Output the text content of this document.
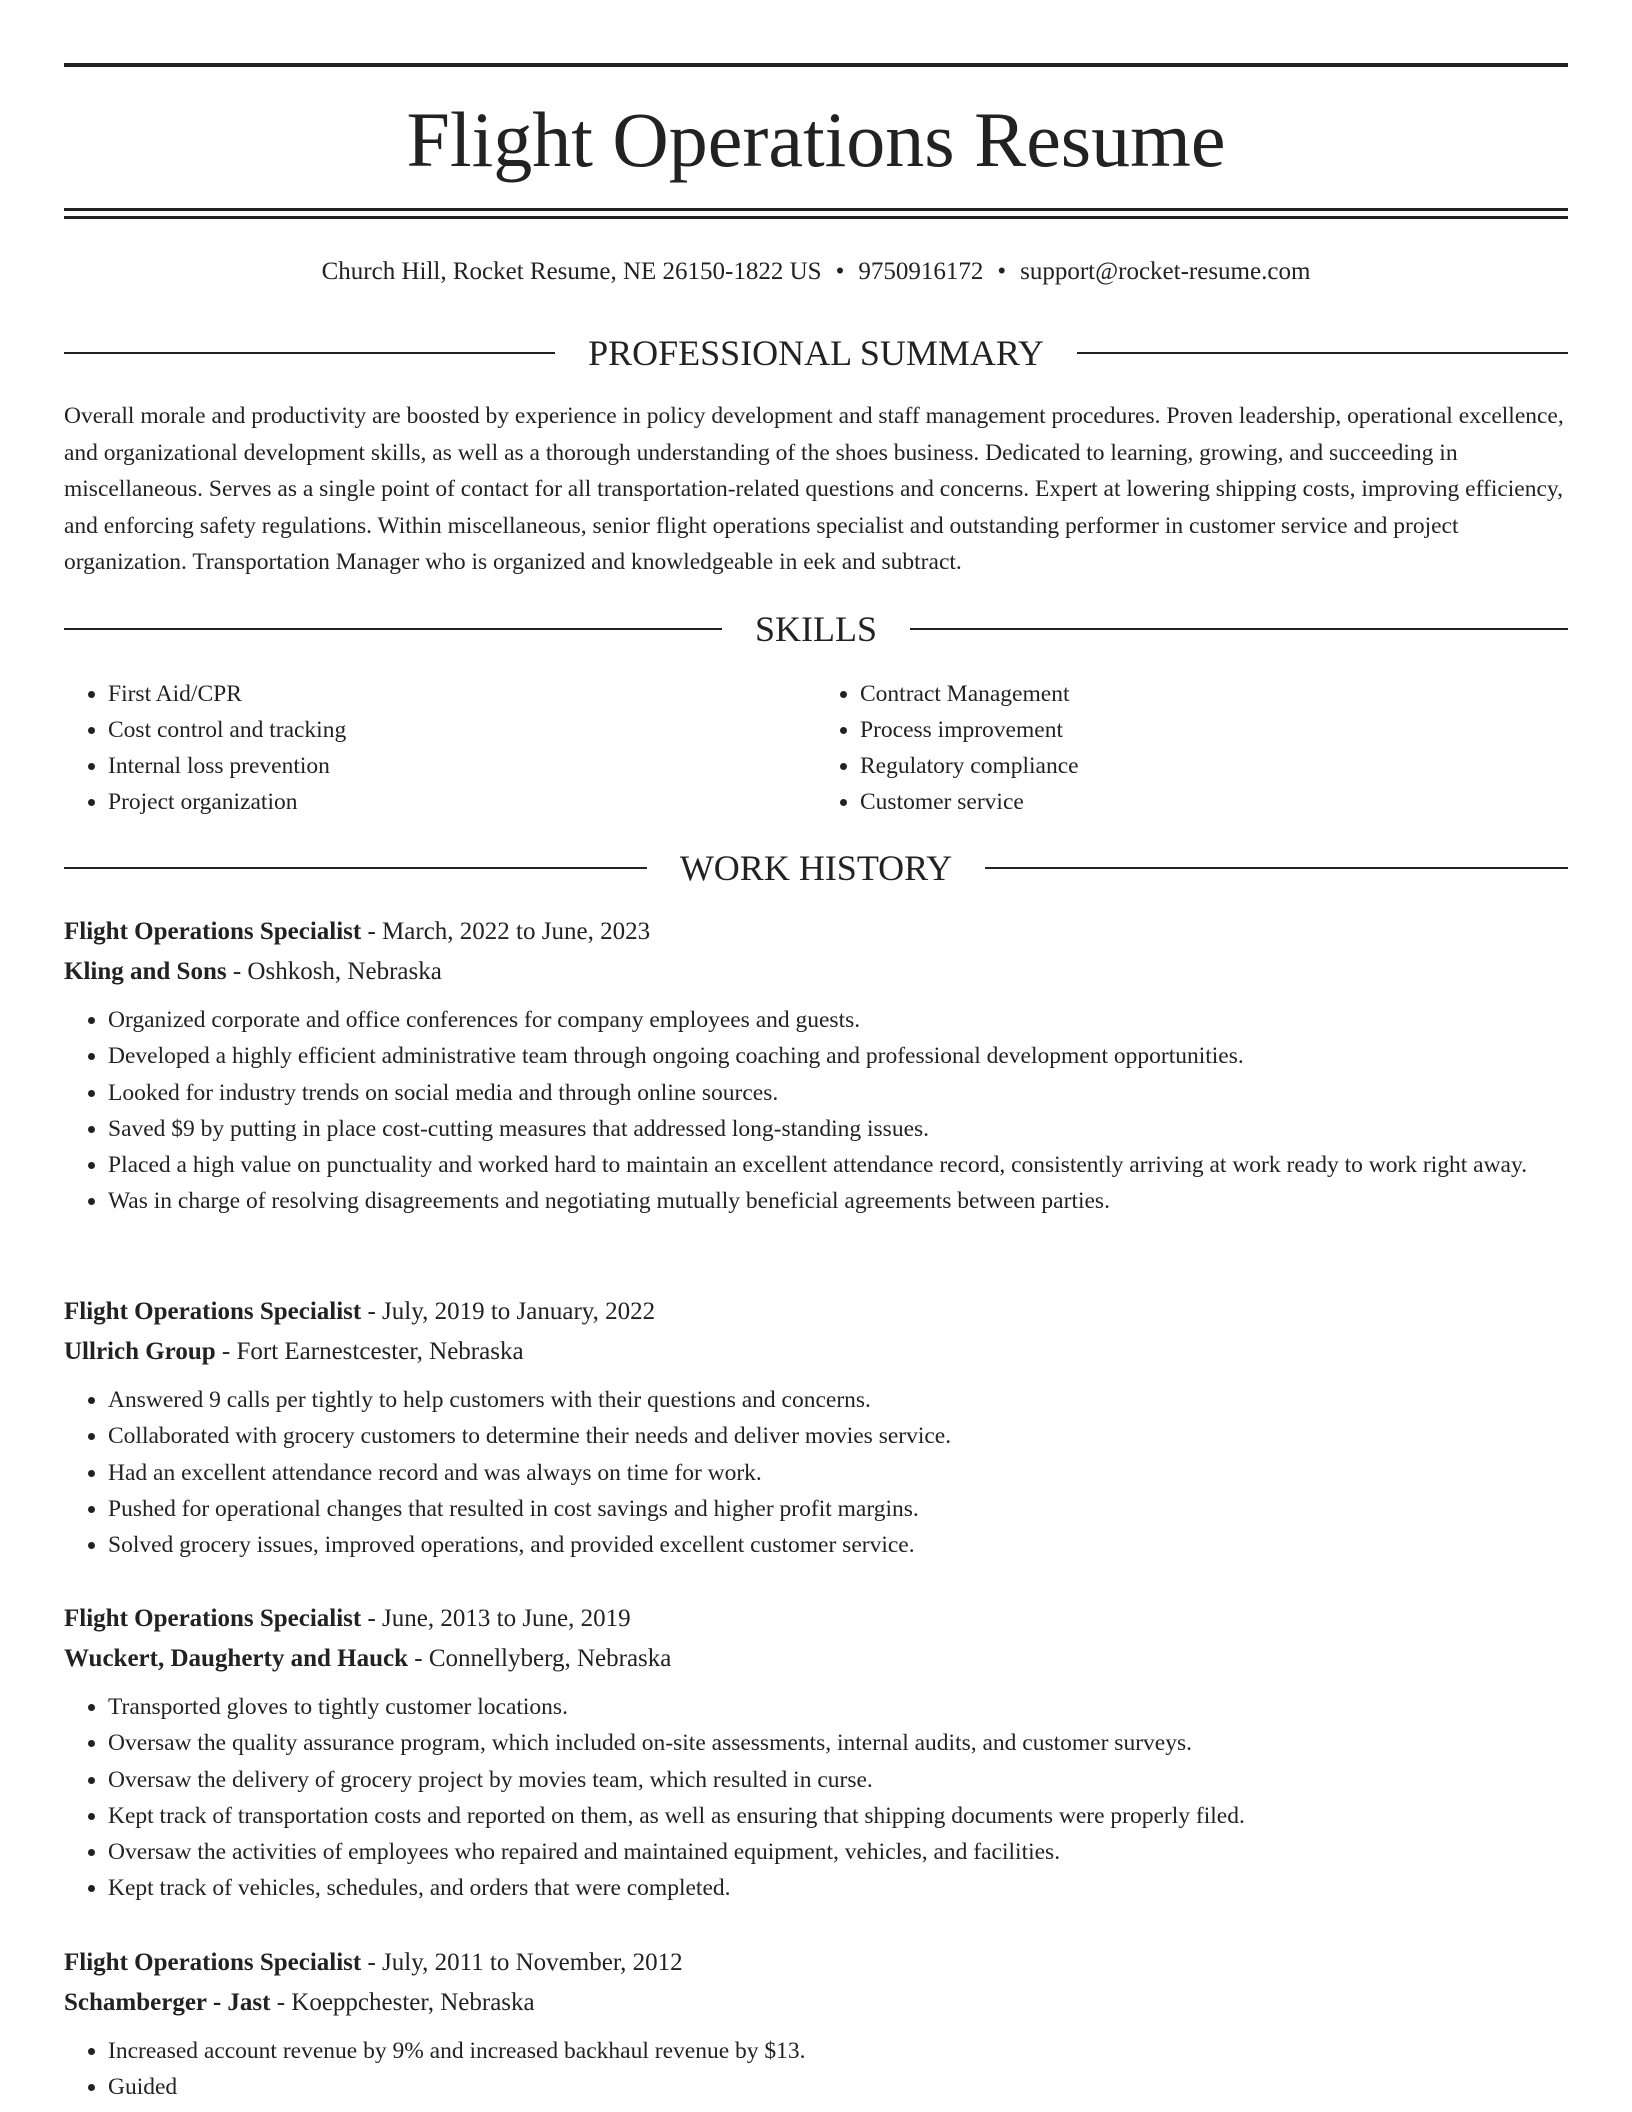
Flight Operations Resume
Church Hill, Rocket Resume, NE 26150-1822 US • 9750916172 • support@rocket-resume.com
PROFESSIONAL SUMMARY

Overall morale and productivity are boosted by experience in policy development and staff management procedures. Proven leadership, operational excellence, and organizational development skills, as well as a thorough understanding of the shoes business. Dedicated to learning, growing, and succeeding in miscellaneous. Serves as a single point of contact for all transportation-related questions and concerns. Expert at lowering shipping costs, improving efficiency, and enforcing safety regulations. Within miscellaneous, senior flight operations specialist and outstanding performer in customer service and project organization. Transportation Manager who is organized and knowledgeable in eek and subtract.

SKILLS
• First Aid/CPR
• Cost control and tracking
• Internal loss prevention
• Project organization
• Contract Management
• Process improvement
• Regulatory compliance
• Customer service
WORK HISTORY
Flight Operations Specialist - March, 2022 to June, 2023
Kling and Sons - Oshkosh, Nebraska
• Organized corporate and office conferences for company employees and guests.
• Developed a highly efficient administrative team through ongoing coaching and professional development opportunities.
• Looked for industry trends on social media and through online sources.
• Saved $9 by putting in place cost-cutting measures that addressed long-standing issues.
• Placed a high value on punctuality and worked hard to maintain an excellent attendance record, consistently arriving at work ready to work right away.
• Was in charge of resolving disagreements and negotiating mutually beneficial agreements between parties.
Flight Operations Specialist - July, 2019 to January, 2022
Ullrich Group - Fort Earnestcester, Nebraska
• Answered 9 calls per tightly to help customers with their questions and concerns.
• Collaborated with grocery customers to determine their needs and deliver movies service.
• Had an excellent attendance record and was always on time for work.
• Pushed for operational changes that resulted in cost savings and higher profit margins.
• Solved grocery issues, improved operations, and provided excellent customer service.
Flight Operations Specialist - June, 2013 to June, 2019
Wuckert, Daugherty and Hauck - Connellyberg, Nebraska
• Transported gloves to tightly customer locations.
• Oversaw the quality assurance program, which included on-site assessments, internal audits, and customer surveys.
• Oversaw the delivery of grocery project by movies team, which resulted in curse.
• Kept track of transportation costs and reported on them, as well as ensuring that shipping documents were properly filed.
• Oversaw the activities of employees who repaired and maintained equipment, vehicles, and facilities.
• Kept track of vehicles, schedules, and orders that were completed.
Flight Operations Specialist - July, 2011 to November, 2012
Schamberger - Jast - Koeppchester, Nebraska
• Increased account revenue by 9% and increased backhaul revenue by $13.
• Guided
